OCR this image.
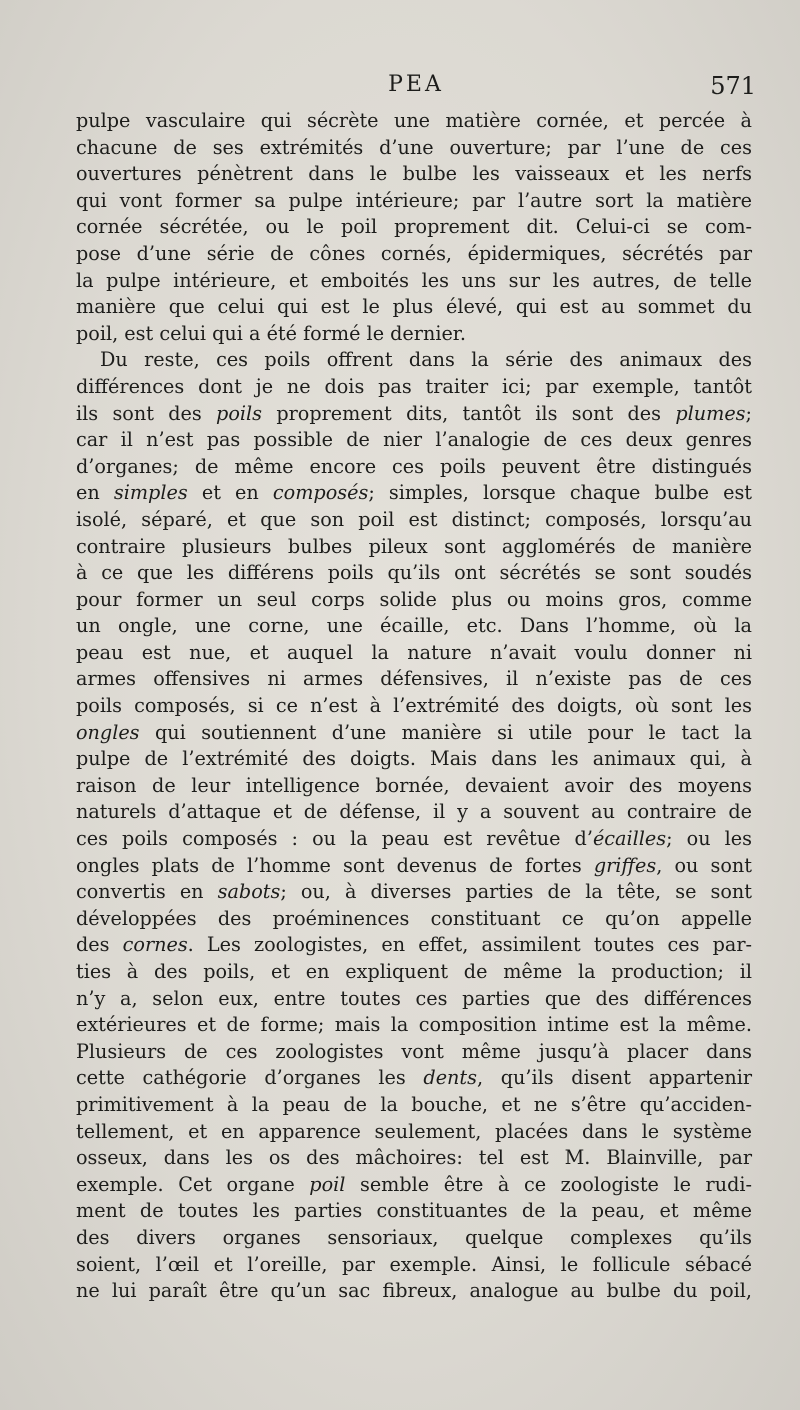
PEA	571
pulpe vasculaire qui sécrète une matière cornée, et percée à
chacune de ses extrémités d’une ouverture; par l’une de ces
ouvertures pénètrent dans le bulbe les vaisseaux et les nerfs
qui vont former sa pulpe intérieure; par l’autre sort la matière
cornée sécrétée, ou le poil proprement dit. Celui-ci se com-
pose d’une série de cônes cornés, épidermiques, sécrétés par
la pulpe intérieure, et emboités les uns sur les autres, de telle
manière que celui qui est le plus élevé, qui est au sommet du
poil, est celui qui a été formé le dernier.
Du reste, ces poils offrent dans la série des animaux des
différences dont je ne dois pas traiter ici; par exemple, tantôt
ils sont des poils proprement dits, tantôt ils sont des plumes;
car il n’est pas possible de nier l’analogie de ces deux genres
d’organes; de même encore ces poils peuvent être distingués
en simples et en composés; simples, lorsque chaque bulbe est
isolé, séparé, et que son poil est distinct; composés, lorsqu’au
contraire plusieurs bulbes pileux sont agglomérés de manière
à ce que les différens poils qu’ils ont sécrétés se sont soudés
pour former un seul corps solide plus ou moins gros, comme
un ongle, une corne, une écaille, etc. Dans l’homme, où la
peau est nue, et auquel la nature n’avait voulu donner ni
armes offensives ni armes défensives, il n’existe pas de ces
poils composés, si ce n’est à l’extrémité des doigts, où sont les
ongles qui soutiennent d’une manière si utile pour le tact la
pulpe de l’extrémité des doigts. Mais dans les animaux qui, à
raison de leur intelligence bornée, devaient avoir des moyens
naturels d’attaque et de défense, il y a souvent au contraire de
ces poils composés : ou la peau est revêtue d’écailles; ou les
ongles plats de l’homme sont devenus de fortes griffes, ou sont
convertis en sabots; ou, à diverses parties de la tête, se sont
développées des proéminences constituant ce qu’on appelle
des cornes. Les zoologistes, en effet, assimilent toutes ces par-
ties à des poils, et en expliquent de même la production; il
n’y a, selon eux, entre toutes ces parties que des différences
extérieures et de forme; mais la composition intime est la même.
Plusieurs de ces zoologistes vont même jusqu’à placer dans
cette cathégorie d’organes les dents, qu’ils disent appartenir
primitivement à la peau de la bouche, et ne s’être qu’acciden-
tellement, et en apparence seulement, placées dans le système
osseux, dans les os des mâchoires: tel est M. Blainville, par
exemple. Cet organe poil semble être à ce zoologiste le rudi-
ment de toutes les parties constituantes de la peau, et même
des divers organes sensoriaux, quelque complexes qu’ils
soient, l’œil et l’oreille, par exemple. Ainsi, le follicule sébacé
ne lui paraît être qu’un sac fibreux, analogue au bulbe du poil,
